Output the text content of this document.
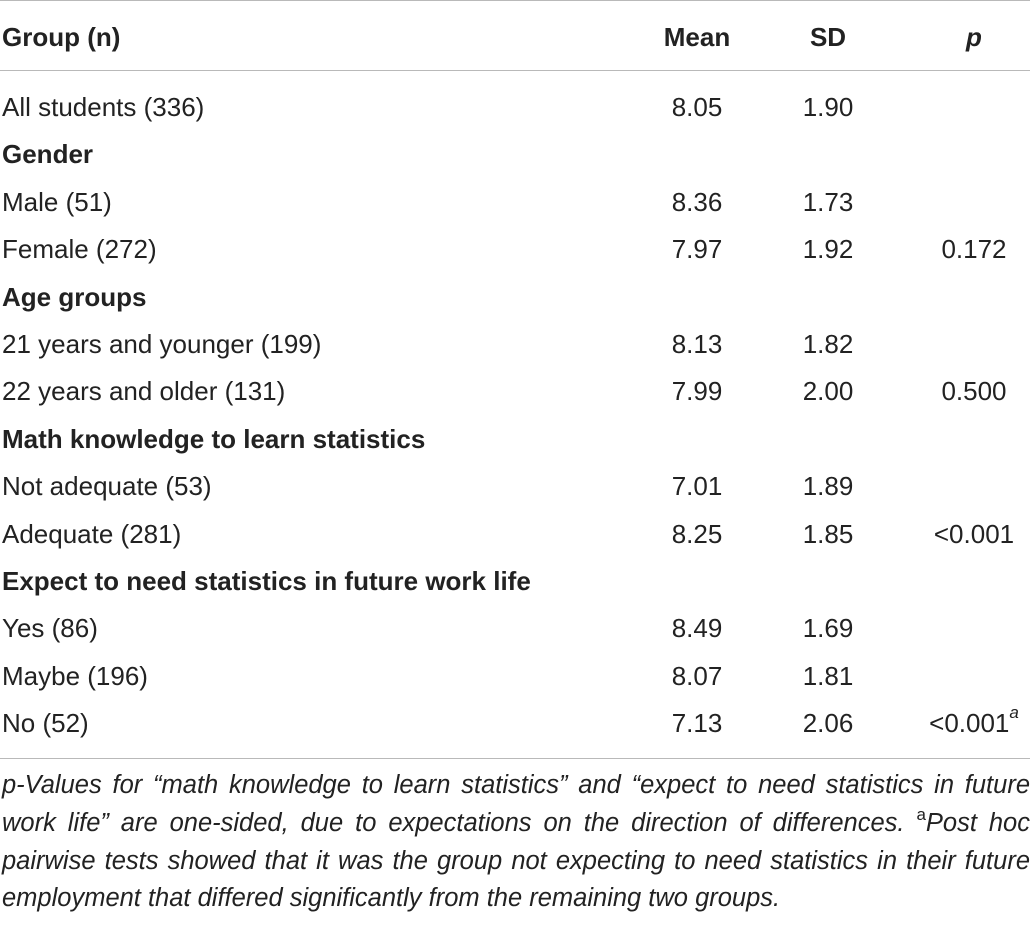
Group (n)	Mean	SD	p
All students (336)	8.05	1.90
Gender
Male (51)	8.36	1.73
Female (272)	7.97	1.92	0.172
Age groups
21 years and younger (199)	8.13	1.82
22 years and older (131)	7.99	2.00	0.500
Math knowledge to learn statistics
Not adequate (53)	7.01	1.89
Adequate (281)	8.25	1.85	<0.001
Expect to need statistics in future work life
Yes (86)	8.49	1.69
Maybe (196)	8.07	1.81
No (52)	7.13	2.06	<0.001$^a$
p-Values for “math knowledge to learn statistics” and “expect to need statistics in future work life” are one-sided, due to expectations on the direction of differences. $^a$Post hoc pairwise tests showed that it was the group not expecting to need statistics in their future employment that differed significantly from the remaining two groups.
